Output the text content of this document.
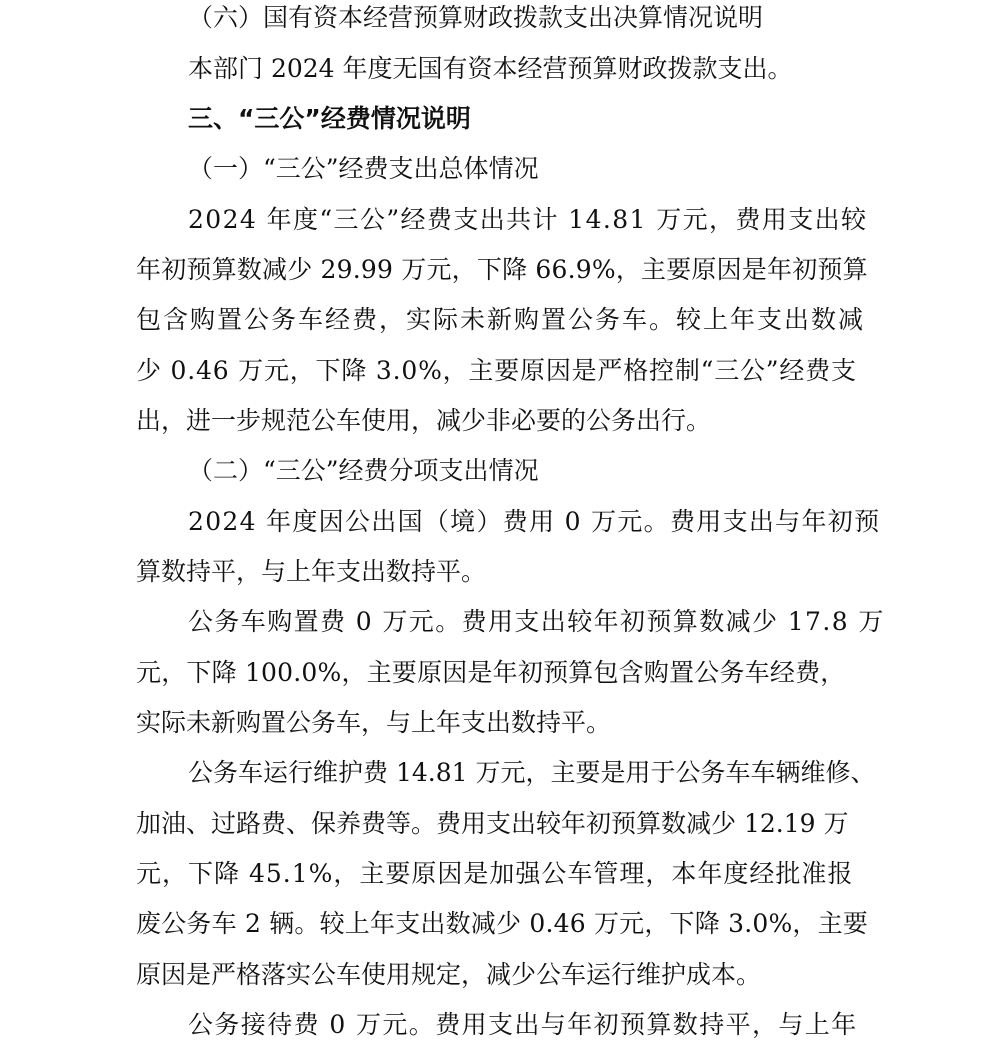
（六）国有资本经营预算财政拨款支出决算情况说明
本部门 2024 年度无国有资本经营预算财政拨款支出。
三、“三公”经费情况说明
（一）“三公”经费支出总体情况
2024 年度“三公”经费支出共计 14.81 万元，费用支出较
年初预算数减少 29.99 万元，下降 66.9%，主要原因是年初预算
包含购置公务车经费，实际未新购置公务车。较上年支出数减
少 0.46 万元，下降 3.0%，主要原因是严格控制“三公”经费支
出，进一步规范公车使用，减少非必要的公务出行。
（二）“三公”经费分项支出情况
2024 年度因公出国（境）费用 0 万元。费用支出与年初预
算数持平，与上年支出数持平。
公务车购置费 0 万元。费用支出较年初预算数减少 17.8 万
元，下降 100.0%，主要原因是年初预算包含购置公务车经费，
实际未新购置公务车，与上年支出数持平。
公务车运行维护费 14.81 万元，主要是用于公务车车辆维修、
加油、过路费、保养费等。费用支出较年初预算数减少 12.19 万
元，下降 45.1%，主要原因是加强公车管理，本年度经批准报
废公务车 2 辆。较上年支出数减少 0.46 万元，下降 3.0%，主要
原因是严格落实公车使用规定，减少公车运行维护成本。
公务接待费 0 万元。费用支出与年初预算数持平，与上年
